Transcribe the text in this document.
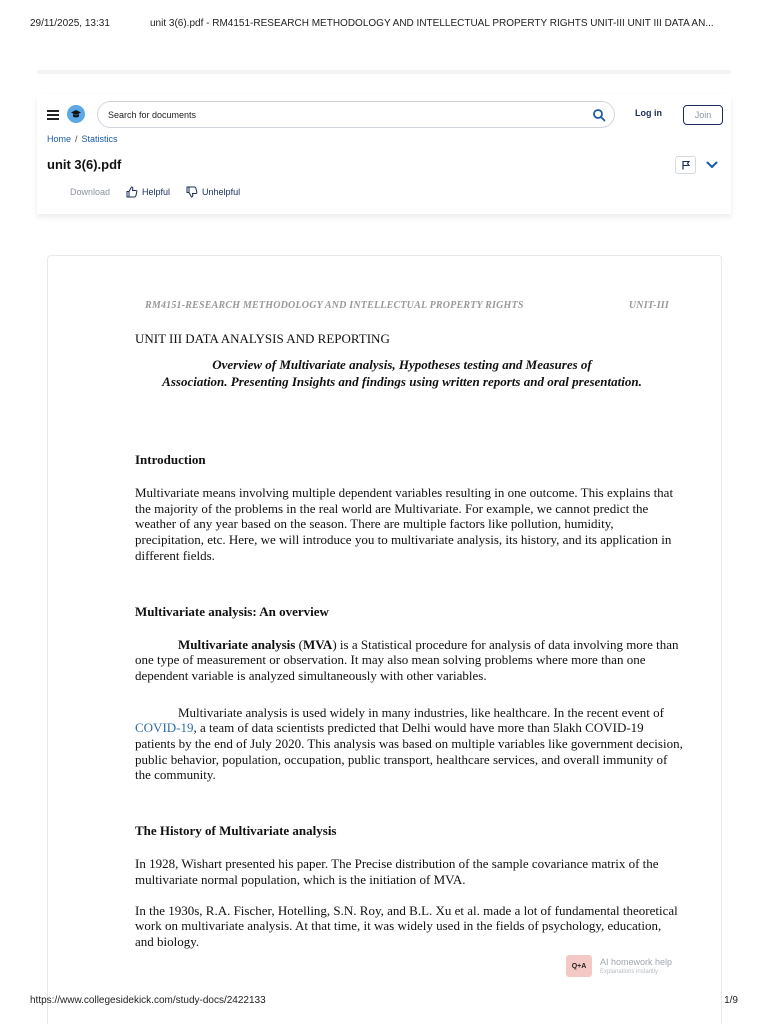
29/11/2025, 13:31	unit 3(6).pdf - RM4151-RESEARCH METHODOLOGY AND INTELLECTUAL PROPERTY RIGHTS UNIT-III UNIT III DATA AN...
Search for documents
Log in	Join
Home / Statistics
unit 3(6).pdf
Download	Helpful	Unhelpful
RM4151-RESEARCH METHODOLOGY AND INTELLECTUAL PROPERTY RIGHTS	UNIT-III
UNIT III DATA ANALYSIS AND REPORTING
Overview of Multivariate analysis, Hypotheses testing and Measures of
Association. Presenting Insights and findings using written reports and oral presentation.
Introduction

Multivariate means involving multiple dependent variables resulting in one outcome. This explains that the majority of the problems in the real world are Multivariate. For example, we cannot predict the weather of any year based on the season. There are multiple factors like pollution, humidity, precipitation, etc. Here, we will introduce you to multivariate analysis, its history, and its application in different fields.

Multivariate analysis: An overview

Multivariate analysis (MVA) is a Statistical procedure for analysis of data involving more than one type of measurement or observation. It may also mean solving problems where more than one dependent variable is analyzed simultaneously with other variables.

Multivariate analysis is used widely in many industries, like healthcare. In the recent event of COVID-19, a team of data scientists predicted that Delhi would have more than 5lakh COVID-19 patients by the end of July 2020. This analysis was based on multiple variables like government decision, public behavior, population, occupation, public transport, healthcare services, and overall immunity of the community.

The History of Multivariate analysis

In 1928, Wishart presented his paper. The Precise distribution of the sample covariance matrix of the multivariate normal population, which is the initiation of MVA.

In the 1930s, R.A. Fischer, Hotelling, S.N. Roy, and B.L. Xu et al. made a lot of fundamental theoretical work on multivariate analysis. At that time, it was widely used in the fields of psychology, education, and biology.

Q+A	AI homework help
Explanations instantly
https://www.collegesidekick.com/study-docs/2422133	1/9
